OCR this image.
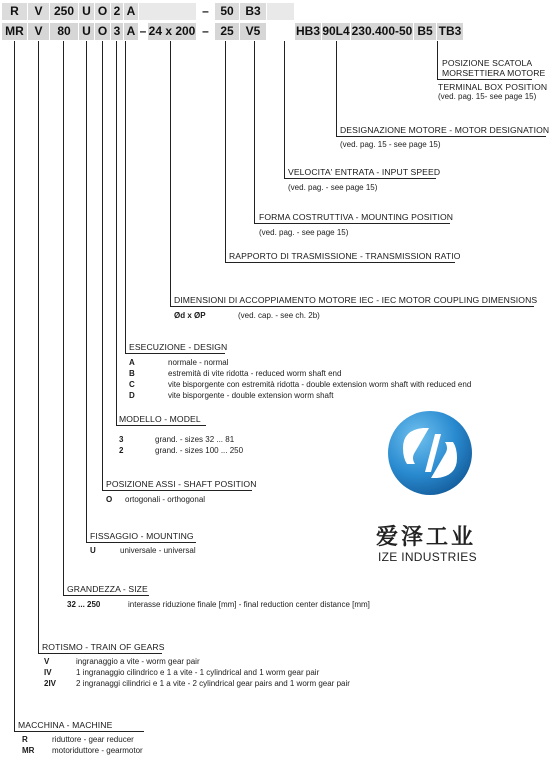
R	V 250 U O 2 A	– 50 B3
MR V	80 U O 3 A – 24 x 200 – 25 V5	HB3 90L4 230.400-50 B5 TB3
POSIZIONE SCATOLA
MORSETTIERA MOTORE
TERMINAL BOX POSITION
(ved. pag. 15- see page 15)
DESIGNAZIONE MOTORE - MOTOR DESIGNATION
(ved. pag. 15 - see page 15)
VELOCITA' ENTRATA - INPUT SPEED
(ved. pag. - see page 15)
FORMA COSTRUTTIVA - MOUNTING POSITION
(ved. pag. - see page 15)
RAPPORTO DI TRASMISSIONE - TRANSMISSION RATIO
DIMENSIONI DI ACCOPPIAMENTO MOTORE IEC - IEC MOTOR COUPLING DIMENSIONS
Ød x ØP	(ved. cap. - see ch. 2b)
ESECUZIONE - DESIGN
A	normale - normal
B	estremità di vite ridotta - reduced worm shaft end
C	vite bisporgente con estremità ridotta - double extension worm shaft with reduced end
D	vite bisporgente - double extension worm shaft
MODELLO - MODEL
3	grand. - sizes 32 ... 81
2	grand. - sizes 100 ... 250
POSIZIONE ASSI - SHAFT POSITION
O ortogonali - orthogonal
FISSAGGIO - MOUNTING
U	universale - universal
GRANDEZZA - SIZE
32 ... 250	interasse riduzione finale [mm] - final reduction center distance [mm]
ROTISMO - TRAIN OF GEARS
V	ingranaggio a vite - worm gear pair
IV	1 ingranaggio cilindrico e 1 a vite - 1 cylindrical and 1 worm gear pair
2IV 2 ingranaggi cilindrici e 1 a vite - 2 cylindrical gear pairs and 1 worm gear pair
MACCHINA - MACHINE
R	riduttore - gear reducer
MR motoriduttore - gearmotor
爱泽工业
IZE INDUSTRIES
